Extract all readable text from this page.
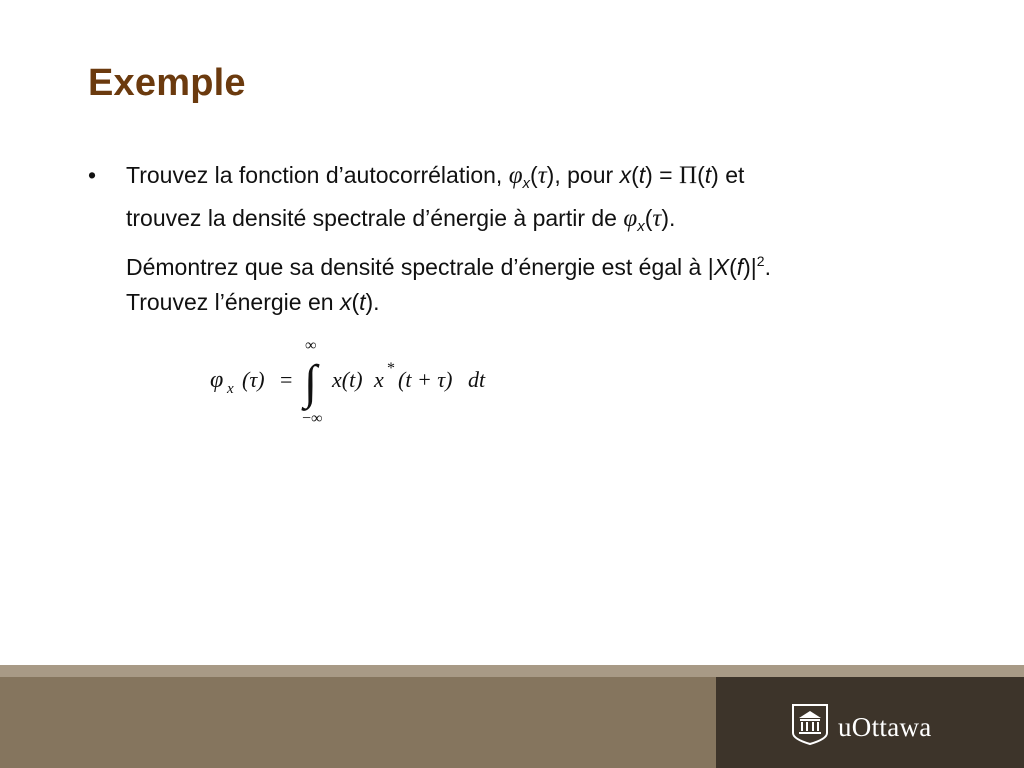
Exemple
• Trouvez la fonction d’autocorrélation, $\varphi_x(\tau)$, pour x(t) = Π(t) et
trouvez la densité spectrale d’énergie à partir de $\varphi_x(\tau)$.
Démontrez que sa densité spectrale d’énergie est égal à $|X(f)|^2$.
Trouvez l’énergie en x(t).
φ x (τ) =
∞
∫
−∞
x(t) x * (t + τ) dt
uOttawa
